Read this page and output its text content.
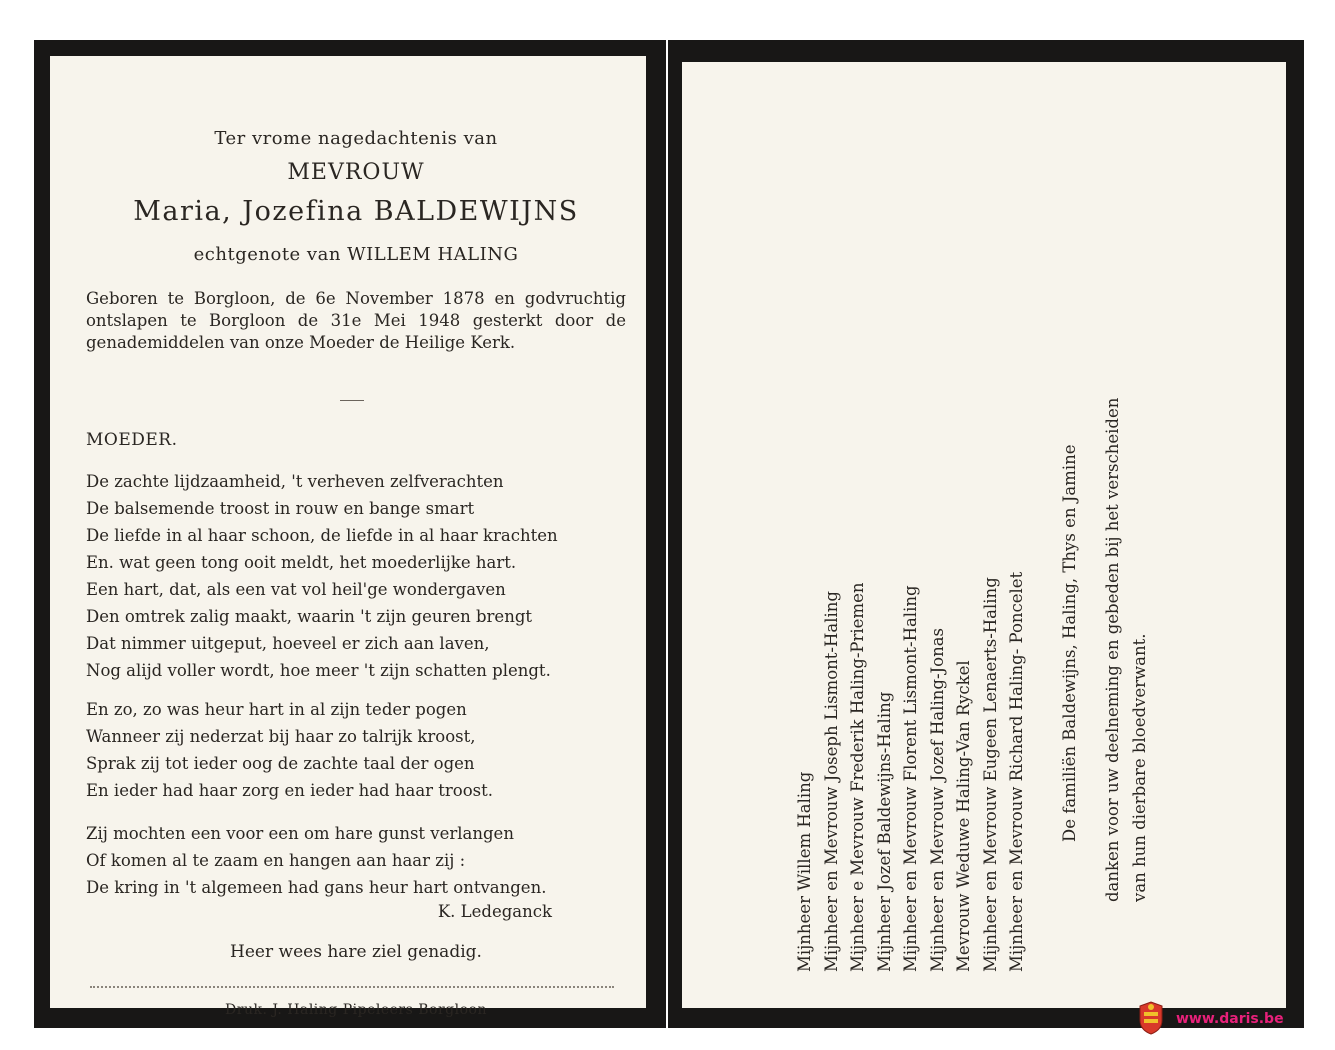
Ter vrome nagedachtenis van
MEVROUW
Maria, Jozefina BALDEWIJNS
echtgenote van WILLEM HALING
Geboren te Borgloon, de 6e November 1878 en godvruchtig ontslapen te Borgloon de 31e Mei 1948 gesterkt door de genademiddelen van onze Moeder de Heilige Kerk.
MOEDER.
De zachte lijdzaamheid, 't verheven zelfverachten
De balsemende troost in rouw en bange smart
De liefde in al haar schoon, de liefde in al haar krachten
En. wat geen tong ooit meldt, het moederlijke hart.
Een hart, dat, als een vat vol heil'ge wondergaven
Den omtrek zalig maakt, waarin 't zijn geuren brengt
Dat nimmer uitgeput, hoeveel er zich aan laven,
Nog alijd voller wordt, hoe meer 't zijn schatten plengt.
En zo, zo was heur hart in al zijn teder pogen
Wanneer zij nederzat bij haar zo talrijk kroost,
Sprak zij tot ieder oog de zachte taal der ogen
En ieder had haar zorg en ieder had haar troost.
Zij mochten een voor een om hare gunst verlangen
Of komen al te zaam en hangen aan haar zij :
De kring in 't algemeen had gans heur hart ontvangen.
K. Ledeganck
Heer wees hare ziel genadig.
Druk. J. Haling Pipeleers Borgloon
Mijnheer Willem Haling Mijnheer en Mevrouw Joseph Lismont-Haling Mijnheer e Mevrouw Frederik Haling-Priemen Mijnheer Jozef Baldewijns-Haling Mijnheer en Mevrouw Florent Lismont-Haling Mijnheer en Mevrouw Jozef Haling-Jonas Mevrouw Weduwe Haling-Van Ryckel Mijnheer en Mevrouw Eugeen Lenaerts-Haling Mijnheer en Mevrouw Richard Haling- Poncelet De familiën Baldewijns, Haling, Thys en Jamine danken voor uw deelneming en gebeden bij het verscheiden van hun dierbare bloedverwant.
www.daris.be
